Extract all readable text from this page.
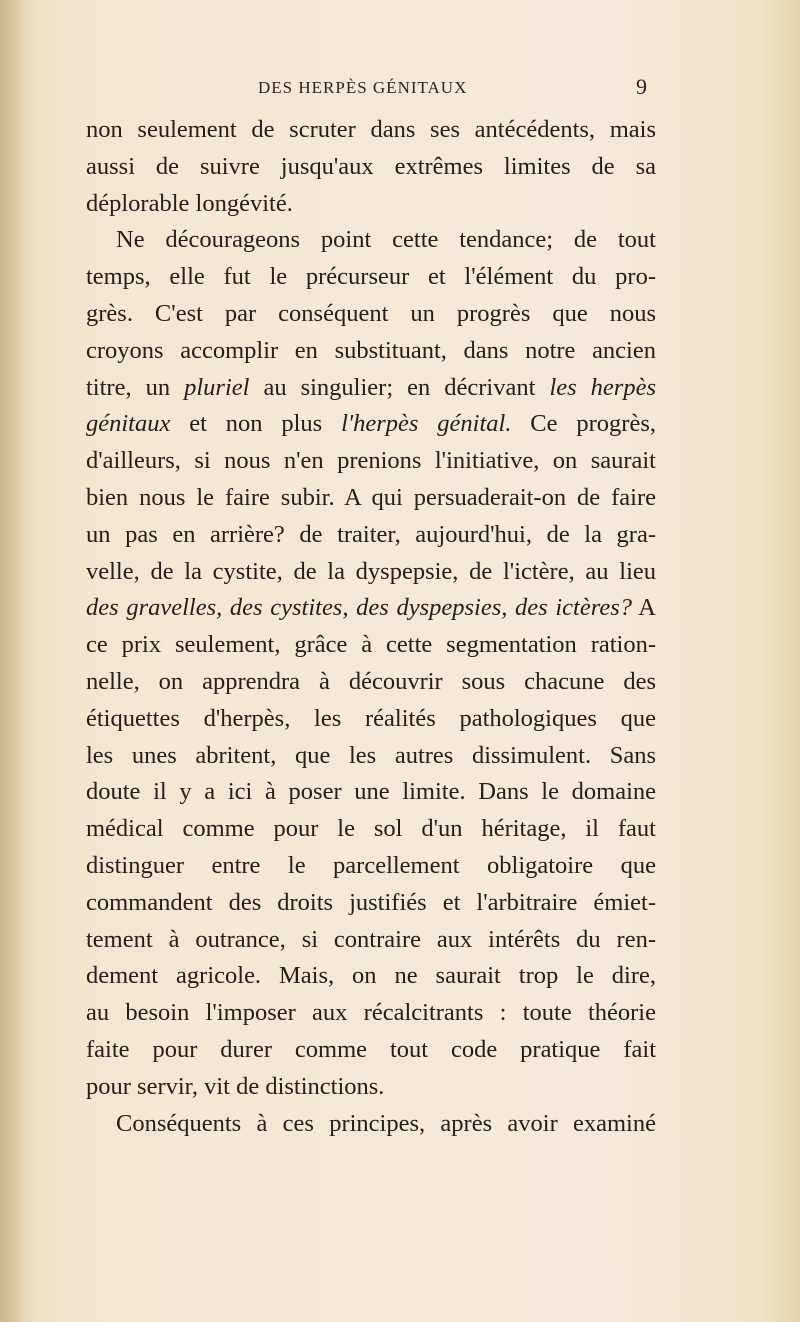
DES HERPÈS GÉNITAUX	9
non seulement de scruter dans ses antécédents, mais
aussi de suivre jusqu'aux extrêmes limites de sa
déplorable longévité.
Ne décourageons point cette tendance; de tout
temps, elle fut le précurseur et l'élément du pro-
grès. C'est par conséquent un progrès que nous
croyons accomplir en substituant, dans notre ancien
titre, un pluriel au singulier; en décrivant les herpès
génitaux et non plus l'herpès génital. Ce progrès,
d'ailleurs, si nous n'en prenions l'initiative, on saurait
bien nous le faire subir. A qui persuaderait-on de faire
un pas en arrière? de traiter, aujourd'hui, de la gra-
velle, de la cystite, de la dyspepsie, de l'ictère, au lieu
des gravelles, des cystites, des dyspepsies, des ictères? A
ce prix seulement, grâce à cette segmentation ration-
nelle, on apprendra à découvrir sous chacune des
étiquettes d'herpès, les réalités pathologiques que
les unes abritent, que les autres dissimulent. Sans
doute il y a ici à poser une limite. Dans le domaine
médical comme pour le sol d'un héritage, il faut
distinguer entre le parcellement obligatoire que
commandent des droits justifiés et l'arbitraire émiet-
tement à outrance, si contraire aux intérêts du ren-
dement agricole. Mais, on ne saurait trop le dire,
au besoin l'imposer aux récalcitrants : toute théorie
faite pour durer comme tout code pratique fait
pour servir, vit de distinctions.
Conséquents à ces principes, après avoir examiné
